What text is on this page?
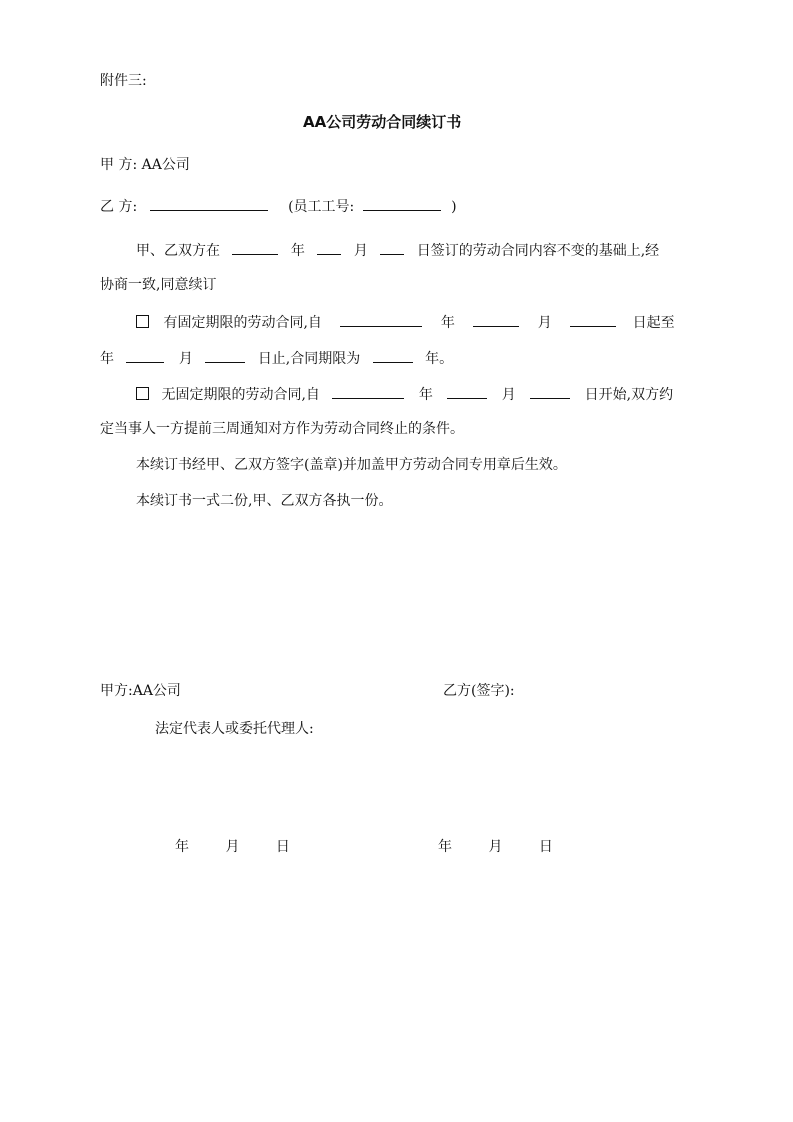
附件三:
AA公司劳动合同续订书
甲 方: AA公司
乙 方:	(员工工号:	)
甲、乙双方在	年	月	日签订的劳动合同内容不变的基础上,经
协商一致,同意续订
有固定期限的劳动合同,自	年	月	日起至
年	月	日止,合同期限为	年。
无固定期限的劳动合同,自	年	月	日开始,双方约
定当事人一方提前三周通知对方作为劳动合同终止的条件。
本续订书经甲、乙双方签字(盖章)并加盖甲方劳动合同专用章后生效。
本续订书一式二份,甲、乙双方各执一份。
甲方:AA公司	乙方(签字):
法定代表人或委托代理人:
年	月	日	年	月	日
